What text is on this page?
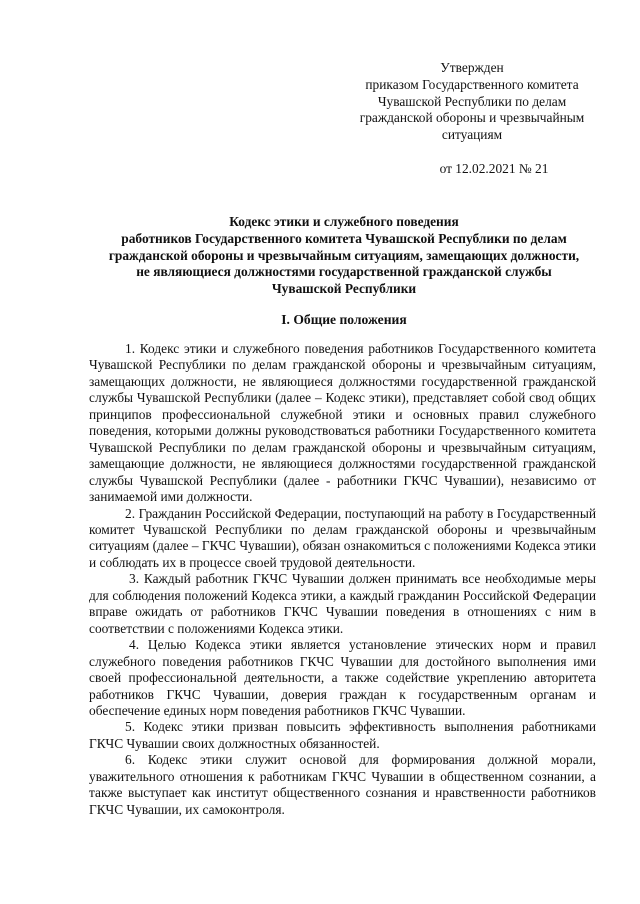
Утвержден
приказом Государственного комитета
Чувашской Республики по делам
гражданской обороны и чрезвычайным
ситуациям
от 12.02.2021 № 21
Кодекс этики и служебного поведения
работников Государственного комитета Чувашской Республики по делам
гражданской обороны и чрезвычайным ситуациям, замещающих должности,
не являющиеся должностями государственной гражданской службы
Чувашской Республики
I. Общие положения

1. Кодекс этики и служебного поведения работников Государственного комитета Чувашской Республики по делам гражданской обороны и чрезвычайным ситуациям, замещающих должности, не являющиеся должностями государственной гражданской службы Чувашской Республики (далее – Кодекс этики), представляет собой свод общих принципов профессиональной служебной этики и основных правил служебного поведения, которыми должны руководствоваться работники Государственного комитета Чувашской Республики по делам гражданской обороны и чрезвычайным ситуациям, замещающие должности, не являющиеся должностями государственной гражданской службы Чувашской Республики (далее - работники ГКЧС Чувашии), независимо от занимаемой ими должности.

2. Гражданин Российской Федерации, поступающий на работу в Государственный комитет Чувашской Республики по делам гражданской обороны и чрезвычайным ситуациям (далее – ГКЧС Чувашии), обязан ознакомиться с положениями Кодекса этики и соблюдать их в процессе своей трудовой деятельности.

3. Каждый работник ГКЧС Чувашии должен принимать все необходимые меры для соблюдения положений Кодекса этики, а каждый гражданин Российской Федерации вправе ожидать от работников ГКЧС Чувашии поведения в отношениях с ним в соответствии с положениями Кодекса этики.

4. Целью Кодекса этики является установление этических норм и правил служебного поведения работников ГКЧС Чувашии для достойного выполнения ими своей профессиональной деятельности, а также содействие укреплению авторитета работников ГКЧС Чувашии, доверия граждан к государственным органам и обеспечение единых норм поведения работников ГКЧС Чувашии.

5. Кодекс этики призван повысить эффективность выполнения работниками ГКЧС Чувашии своих должностных обязанностей.

6. Кодекс этики служит основой для формирования должной морали, уважительного отношения к работникам ГКЧС Чувашии в общественном сознании, а также выступает как институт общественного сознания и нравственности работников ГКЧС Чувашии, их самоконтроля.
